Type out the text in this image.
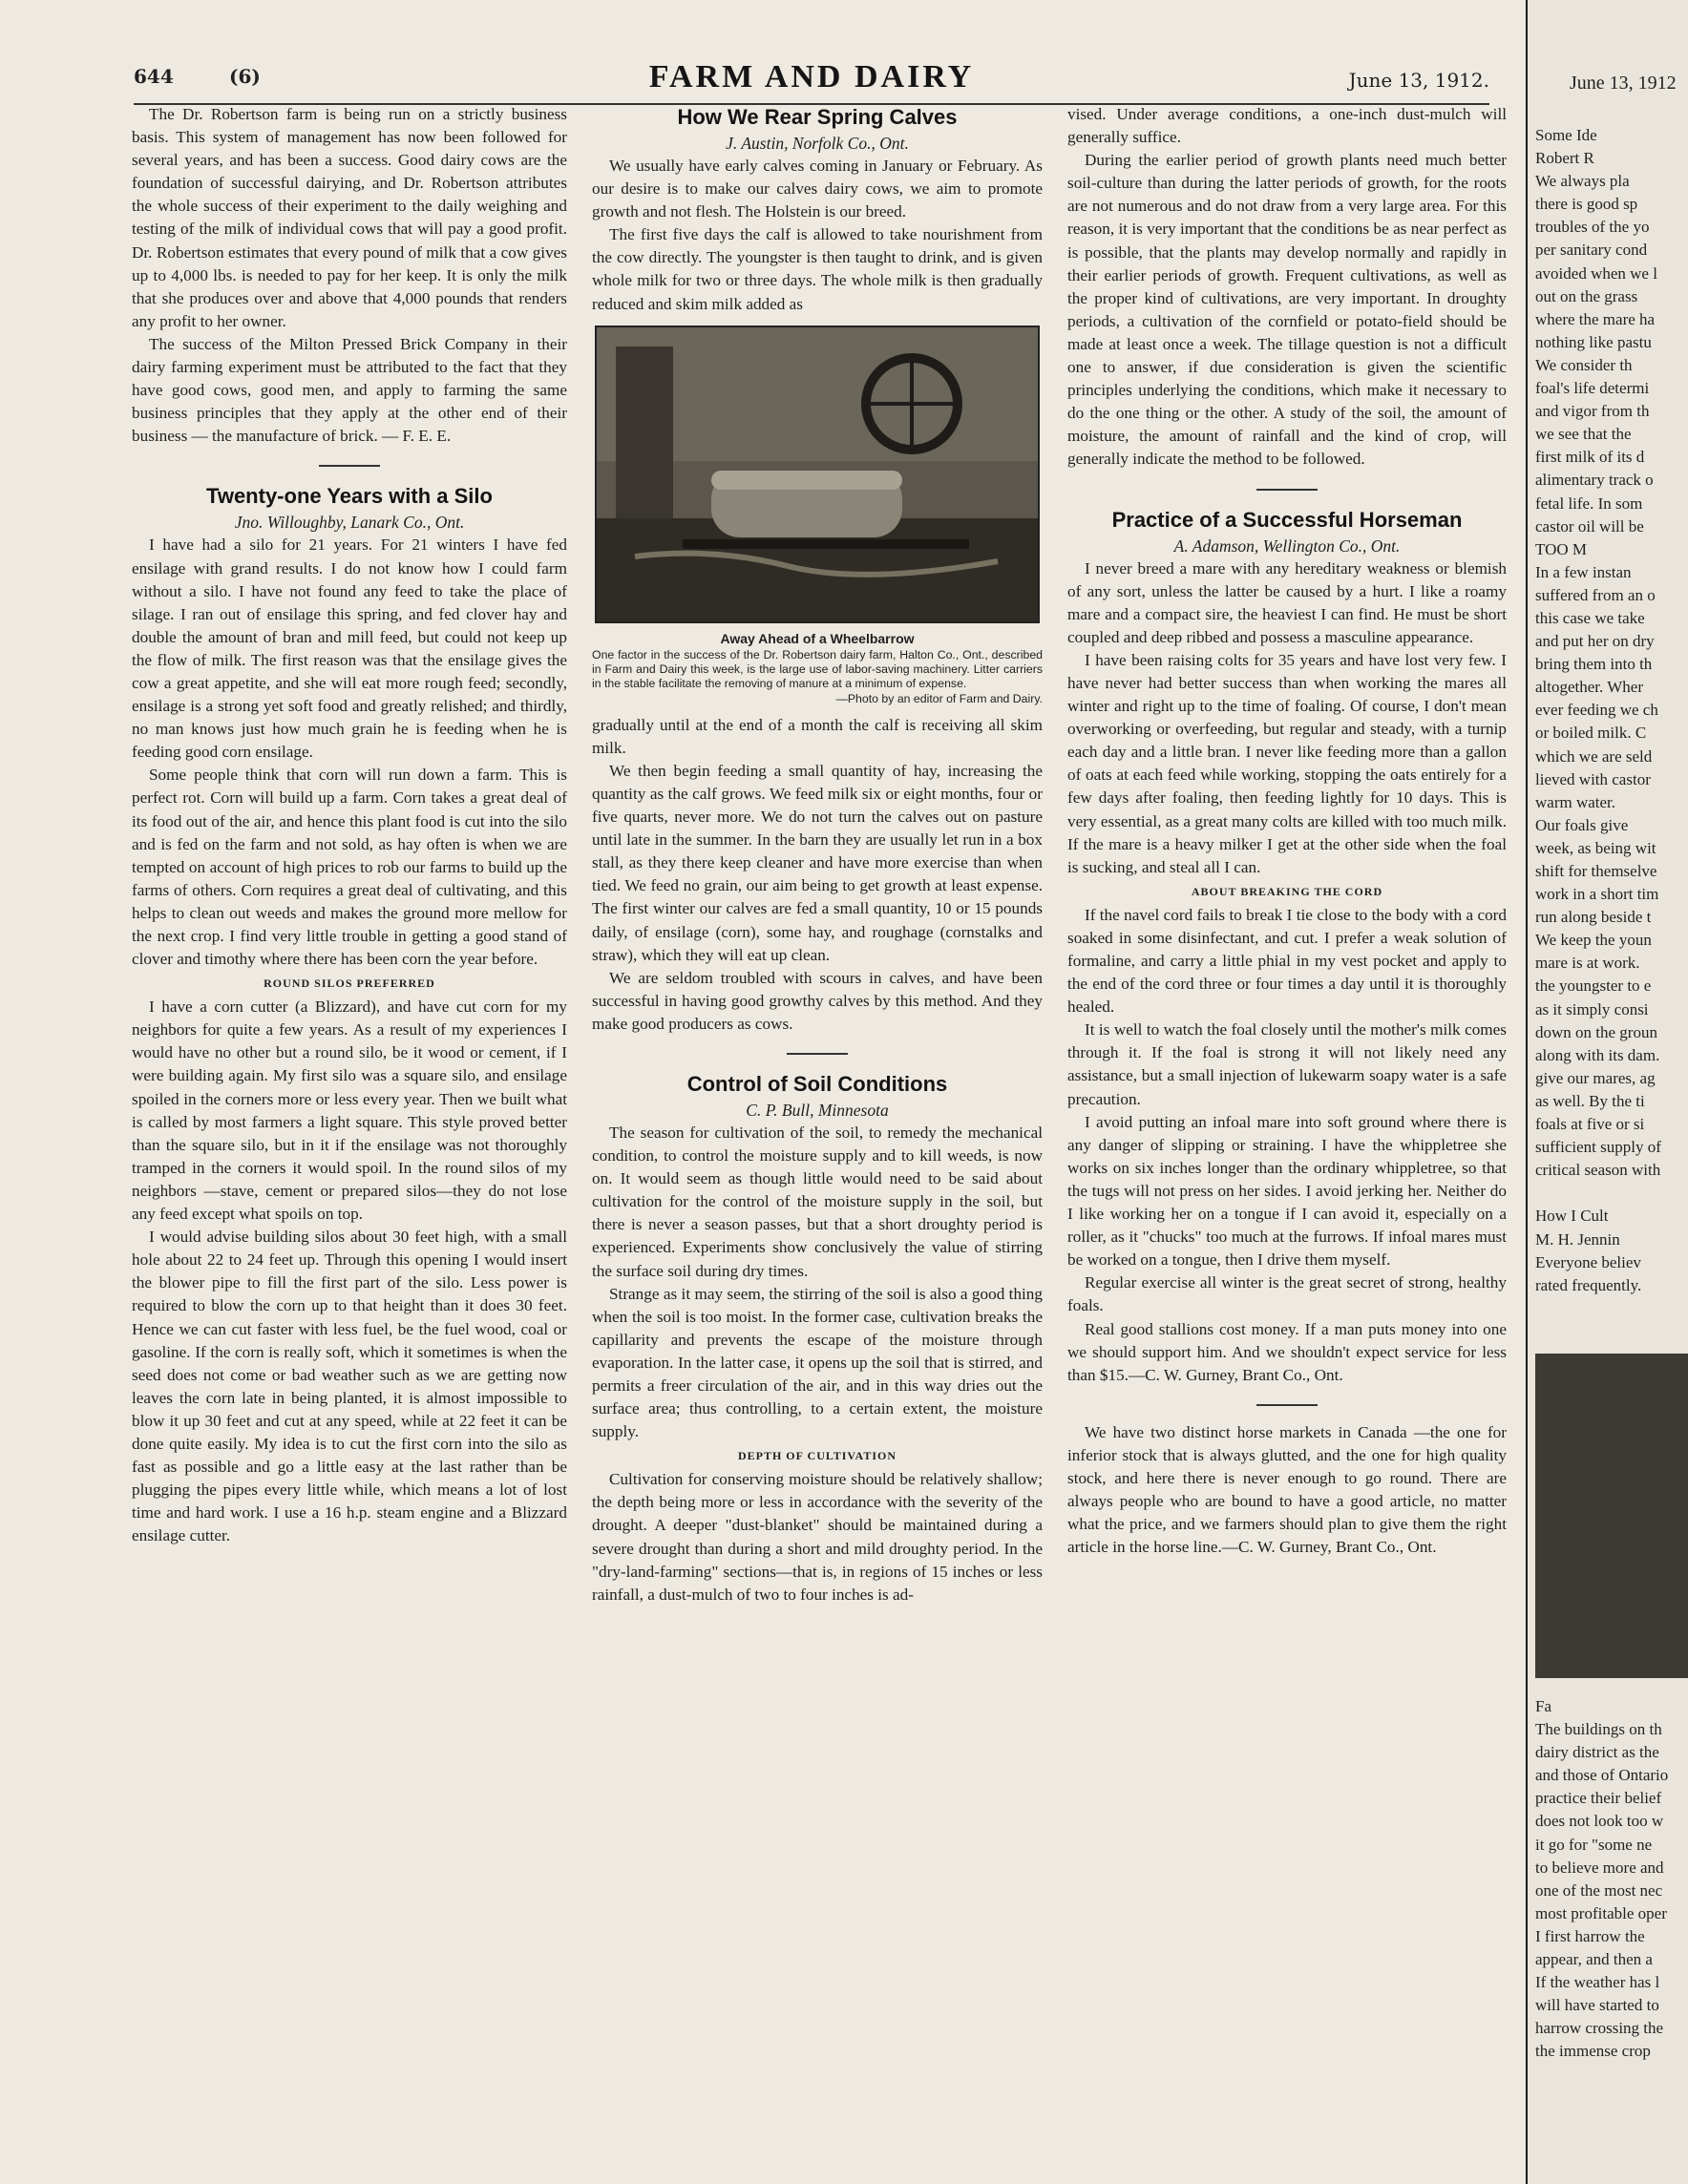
644	(6)	FARM AND DAIRY	June 13, 1912.

The Dr. Robertson farm is being run on a strictly business basis. This system of management has now been followed for several years, and has been a success. Good dairy cows are the foundation of successful dairying, and Dr. Robertson attributes the whole success of their experiment to the daily weighing and testing of the milk of individual cows that will pay a good profit. Dr. Robertson estimates that every pound of milk that a cow gives up to 4,000 lbs. is needed to pay for her keep. It is only the milk that she produces over and above that 4,000 pounds that renders any profit to her owner.

The success of the Milton Pressed Brick Company in their dairy farming experiment must be attributed to the fact that they have good cows, good men, and apply to farming the same business principles that they apply at the other end of their business — the manufacture of brick. — F. E. E.

Twenty-one Years with a Silo
Jno. Willoughby, Lanark Co., Ont.

I have had a silo for 21 years. For 21 winters I have fed ensilage with grand results. I do not know how I could farm without a silo. I have not found any feed to take the place of silage. I ran out of ensilage this spring, and fed clover hay and double the amount of bran and mill feed, but could not keep up the flow of milk. The first reason was that the ensilage gives the cow a great appetite, and she will eat more rough feed; secondly, ensilage is a strong yet soft food and greatly relished; and thirdly, no man knows just how much grain he is feeding when he is feeding good corn ensilage.

Some people think that corn will run down a farm. This is perfect rot. Corn will build up a farm. Corn takes a great deal of its food out of the air, and hence this plant food is cut into the silo and is fed on the farm and not sold, as hay often is when we are tempted on account of high prices to rob our farms to build up the farms of others. Corn requires a great deal of cultivating, and this helps to clean out weeds and makes the ground more mellow for the next crop. I find very little trouble in getting a good stand of clover and timothy where there has been corn the year before.

ROUND SILOS PREFERRED

I have a corn cutter (a Blizzard), and have cut corn for my neighbors for quite a few years. As a result of my experiences I would have no other but a round silo, be it wood or cement, if I were building again. My first silo was a square silo, and ensilage spoiled in the corners more or less every year. Then we built what is called by most farmers a light square. This style proved better than the square silo, but in it if the ensilage was not thoroughly tramped in the corners it would spoil. In the round silos of my neighbors —stave, cement or prepared silos—they do not lose any feed except what spoils on top.

I would advise building silos about 30 feet high, with a small hole about 22 to 24 feet up. Through this opening I would insert the blower pipe to fill the first part of the silo. Less power is required to blow the corn up to that height than it does 30 feet. Hence we can cut faster with less fuel, be the fuel wood, coal or gasoline. If the corn is really soft, which it sometimes is when the seed does not come or bad weather such as we are getting now leaves the corn late in being planted, it is almost impossible to blow it up 30 feet and cut at any speed, while at 22 feet it can be done quite easily. My idea is to cut the first corn into the silo as fast as possible and go a little easy at the last rather than be plugging the pipes every little while, which means a lot of lost time and hard work. I use a 16 h.p. steam engine and a Blizzard ensilage cutter.

How We Rear Spring Calves
J. Austin, Norfolk Co., Ont.

We usually have early calves coming in January or February. As our desire is to make our calves dairy cows, we aim to promote growth and not flesh. The Holstein is our breed.

The first five days the calf is allowed to take nourishment from the cow directly. The youngster is then taught to drink, and is given whole milk for two or three days. The whole milk is then gradually reduced and skim milk added as

Away Ahead of a Wheelbarrow
One factor in the success of the Dr. Robertson dairy farm, Halton Co., Ont., described in Farm and Dairy this week, is the large use of labor-saving machinery. Litter carriers in the stable facilitate the removing of manure at a minimum of expense.
—Photo by an editor of Farm and Dairy.

gradually until at the end of a month the calf is receiving all skim milk.

We then begin feeding a small quantity of hay, increasing the quantity as the calf grows. We feed milk six or eight months, four or five quarts, never more. We do not turn the calves out on pasture until late in the summer. In the barn they are usually let run in a box stall, as they there keep cleaner and have more exercise than when tied. We feed no grain, our aim being to get growth at least expense. The first winter our calves are fed a small quantity, 10 or 15 pounds daily, of ensilage (corn), some hay, and roughage (cornstalks and straw), which they will eat up clean.

We are seldom troubled with scours in calves, and have been successful in having good growthy calves by this method. And they make good producers as cows.

Control of Soil Conditions
C. P. Bull, Minnesota

The season for cultivation of the soil, to remedy the mechanical condition, to control the moisture supply and to kill weeds, is now on. It would seem as though little would need to be said about cultivation for the control of the moisture supply in the soil, but there is never a season passes, but that a short droughty period is experienced. Experiments show conclusively the value of stirring the surface soil during dry times.

Strange as it may seem, the stirring of the soil is also a good thing when the soil is too moist. In the former case, cultivation breaks the capillarity and prevents the escape of the moisture through evaporation. In the latter case, it opens up the soil that is stirred, and permits a freer circulation of the air, and in this way dries out the surface area; thus controlling, to a certain extent, the moisture supply.

DEPTH OF CULTIVATION

Cultivation for conserving moisture should be relatively shallow; the depth being more or less in accordance with the severity of the drought. A deeper "dust-blanket" should be maintained during a severe drought than during a short and mild droughty period. In the "dry-land-farming" sections—that is, in regions of 15 inches or less rainfall, a dust-mulch of two to four inches is ad-

vised. Under average conditions, a one-inch dust-mulch will generally suffice.

During the earlier period of growth plants need much better soil-culture than during the latter periods of growth, for the roots are not numerous and do not draw from a very large area. For this reason, it is very important that the conditions be as near perfect as is possible, that the plants may develop normally and rapidly in their earlier periods of growth. Frequent cultivations, as well as the proper kind of cultivations, are very important. In droughty periods, a cultivation of the cornfield or potato-field should be made at least once a week. The tillage question is not a difficult one to answer, if due consideration is given the scientific principles underlying the conditions, which make it necessary to do the one thing or the other. A study of the soil, the amount of moisture, the amount of rainfall and the kind of crop, will generally indicate the method to be followed.

Practice of a Successful Horseman
A. Adamson, Wellington Co., Ont.

I never breed a mare with any hereditary weakness or blemish of any sort, unless the latter be caused by a hurt. I like a roamy mare and a compact sire, the heaviest I can find. He must be short coupled and deep ribbed and possess a masculine appearance.

I have been raising colts for 35 years and have lost very few. I have never had better success than when working the mares all winter and right up to the time of foaling. Of course, I don't mean overworking or overfeeding, but regular and steady, with a turnip each day and a little bran. I never like feeding more than a gallon of oats at each feed while working, stopping the oats entirely for a few days after foaling, then feeding lightly for 10 days. This is very essential, as a great many colts are killed with too much milk. If the mare is a heavy milker I get at the other side when the foal is sucking, and steal all I can.

ABOUT BREAKING THE CORD

If the navel cord fails to break I tie close to the body with a cord soaked in some disinfectant, and cut. I prefer a weak solution of formaline, and carry a little phial in my vest pocket and apply to the end of the cord three or four times a day until it is thoroughly healed.

It is well to watch the foal closely until the mother's milk comes through it. If the foal is strong it will not likely need any assistance, but a small injection of lukewarm soapy water is a safe precaution.

I avoid putting an infoal mare into soft ground where there is any danger of slipping or straining. I have the whippletree she works on six inches longer than the ordinary whippletree, so that the tugs will not press on her sides. I avoid jerking her. Neither do I like working her on a tongue if I can avoid it, especially on a roller, as it "chucks" too much at the furrows. If infoal mares must be worked on a tongue, then I drive them myself.

Regular exercise all winter is the great secret of strong, healthy foals.

Real good stallions cost money. If a man puts money into one we should support him. And we shouldn't expect service for less than $15.—C. W. Gurney, Brant Co., Ont.

We have two distinct horse markets in Canada —the one for inferior stock that is always glutted, and the one for high quality stock, and here there is never enough to go round. There are always people who are bound to have a good article, no matter what the price, and we farmers should plan to give them the right article in the horse line.—C. W. Gurney, Brant Co., Ont.

June 13, 1912
Some Ide
Robert R
We always pla
there is good sp
troubles of the yo
per sanitary cond
avoided when we l
out on the grass
where the mare ha
nothing like pastu
We consider th
foal's life determi
and vigor from th
we see that the
first milk of its d
alimentary track o
fetal life. In som
castor oil will be
TOO M
In a few instan
suffered from an o
this case we take
and put her on dry
bring them into th
altogether. Wher
ever feeding we ch
or boiled milk. C
which we are seld
lieved with castor
warm water.
Our foals give
week, as being wit
shift for themselve
work in a short tim
run along beside t
We keep the youn
mare is at work.
the youngster to e
as it simply consi
down on the groun
along with its dam.
give our mares, ag
as well. By the ti
foals at five or si
sufficient supply of
critical season with

How I Cult
M. H. Jennin
Everyone believ
rated frequently.
Fa
The buildings on th
dairy district as the
and those of Ontario
practice their belief
does not look too w
it go for "some ne
to believe more and
one of the most nec
most profitable oper
I first harrow the
appear, and then a
If the weather has l
will have started to
harrow crossing the
the immense crop
